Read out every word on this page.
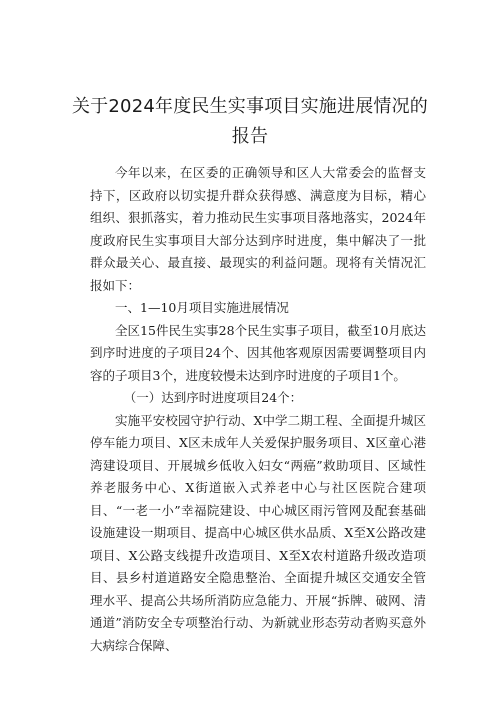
关于2024年度民生实事项目实施进展情况的
报告

今年以来，在区委的正确领导和区人大常委会的监督支持下，区政府以切实提升群众获得感、满意度为目标，精心组织、狠抓落实，着力推动民生实事项目落地落实，2024年度政府民生实事项目大部分达到序时进度，集中解决了一批群众最关心、最直接、最现实的利益问题。现将有关情况汇报如下：

一、1—10月项目实施进展情况

全区15件民生实事28个民生实事子项目，截至10月底达到序时进度的子项目24个、因其他客观原因需要调整项目内容的子项目3个，进度较慢未达到序时进度的子项目1个。

（一）达到序时进度项目24个：

实施平安校园守护行动、X中学二期工程、全面提升城区停车能力项目、X区未成年人关爱保护服务项目、X区童心港湾建设项目、开展城乡低收入妇女“两癌”救助项目、区域性养老服务中心、X街道嵌入式养老中心与社区医院合建项目、“一老一小”幸福院建设、中心城区雨污管网及配套基础设施建设一期项目、提高中心城区供水品质、X至X公路改建项目、X公路支线提升改造项目、X至X农村道路升级改造项目、县乡村道道路安全隐患整治、全面提升城区交通安全管理水平、提高公共场所消防应急能力、开展“拆牌、破网、清通道”消防安全专项整治行动、为新就业形态劳动者购买意外大病综合保障、
